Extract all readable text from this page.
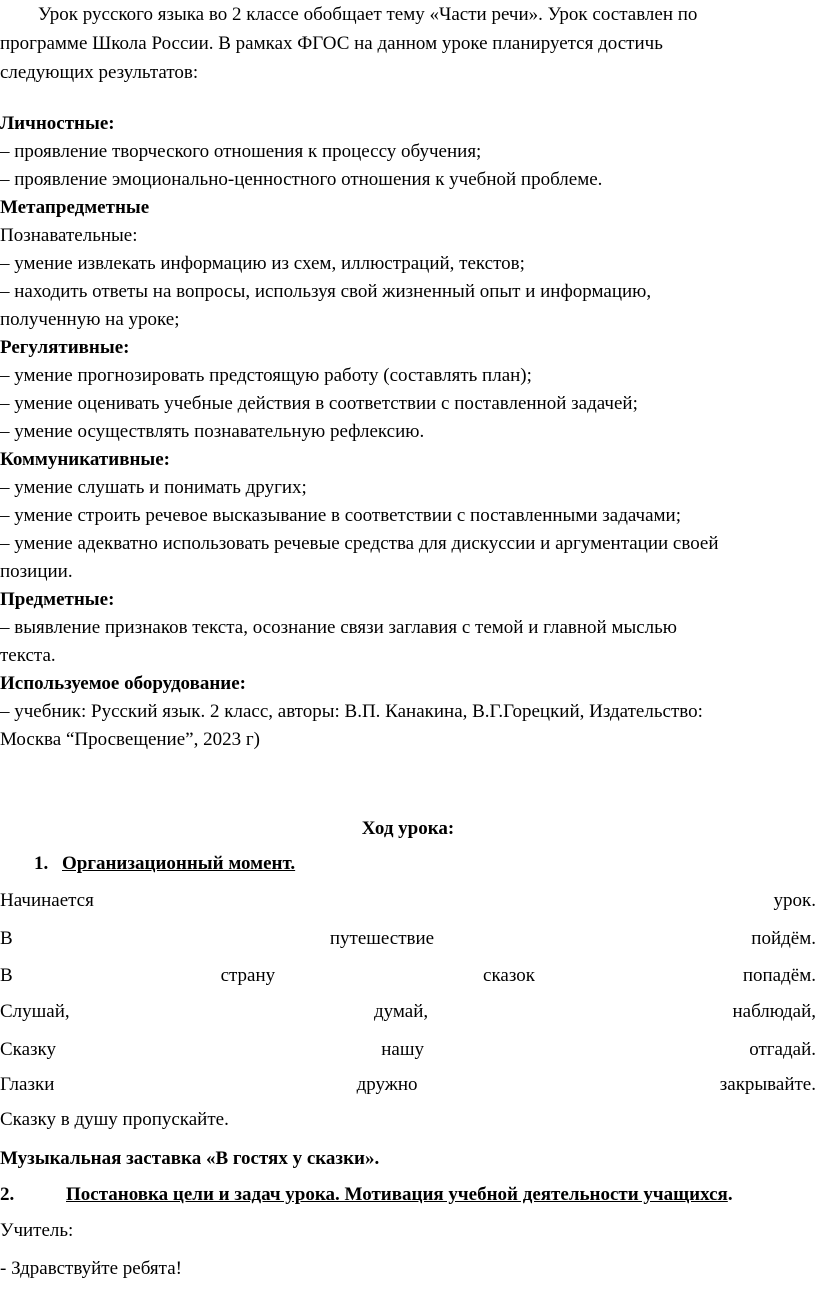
Урок русского языка во 2 классе обобщает тему «Части речи». Урок составлен по
программе Школа России. В рамках ФГОС на данном уроке планируется достичь
следующих результатов:
Личностные:
– проявление творческого отношения к процессу обучения;
– проявление эмоционально-ценностного отношения к учебной проблеме.
Метапредметные
Познавательные:
– умение извлекать информацию из схем, иллюстраций, текстов;
– находить ответы на вопросы, используя свой жизненный опыт и информацию,
полученную на уроке;
Регулятивные:
– умение прогнозировать предстоящую работу (составлять план);
– умение оценивать учебные действия в соответствии с поставленной задачей;
– умение осуществлять познавательную рефлексию.
Коммуникативные:
– умение слушать и понимать других;
– умение строить речевое высказывание в соответствии с поставленными задачами;
– умение адекватно использовать речевые средства для дискуссии и аргументации своей
позиции.
Предметные:
– выявление признаков текста, осознание связи заглавия с темой и главной мыслью
текста.
Используемое оборудование:
– учебник: Русский язык. 2 класс, авторы: В.П. Канакина, В.Г.Горецкий, Издательство:
Москва “Просвещение”, 2023 г)
Ход урока:
1. Организационный момент.
Начинается	урок.
В	путешествие	пойдём.
В	страну	сказок	попадём.
Слушай,	думай,	наблюдай,
Сказку	нашу	отгадай.
Глазки	дружно	закрывайте.
Сказку в душу пропускайте.
Музыкальная заставка «В гостях у сказки».
2.	Постановка цели и задач урока. Мотивация учебной деятельности учащихся.
Учитель:
- Здравствуйте ребята!
